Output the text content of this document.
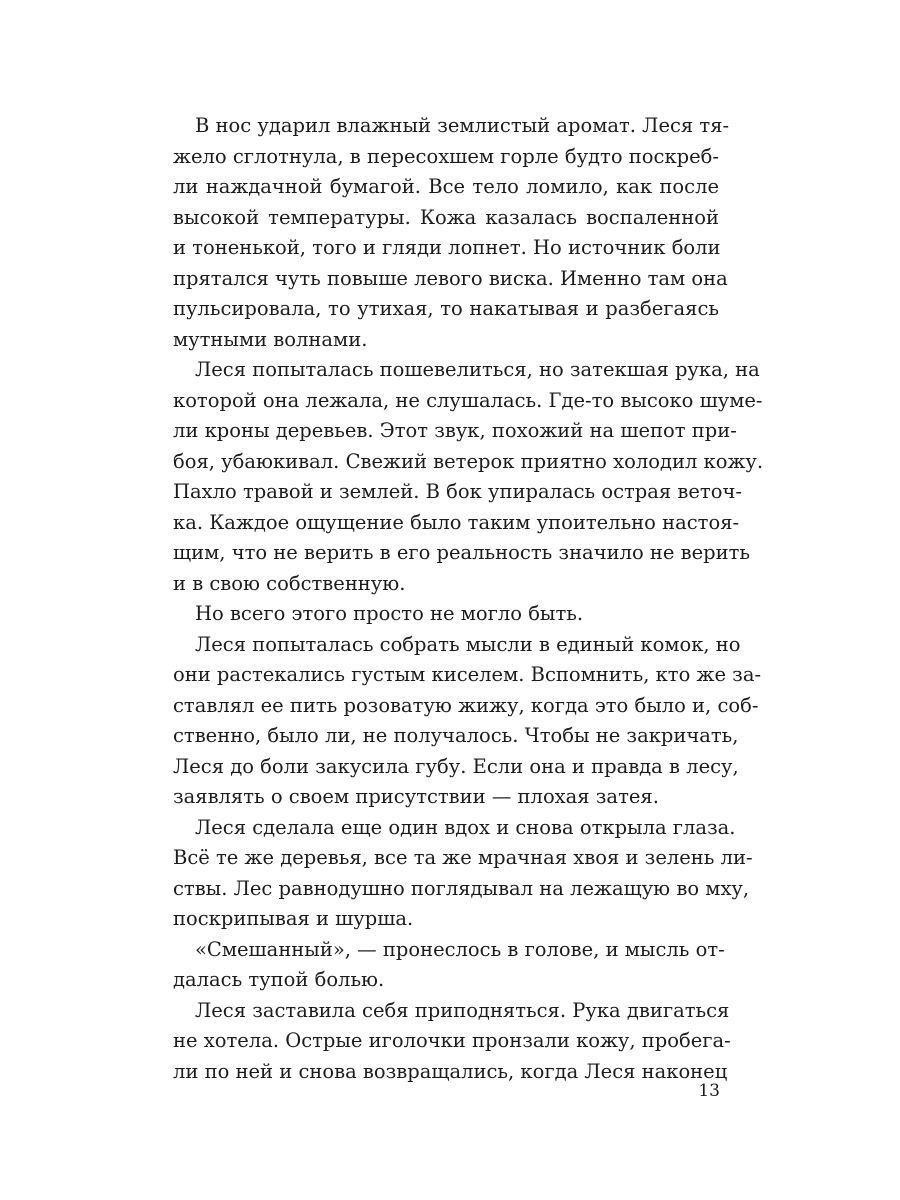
В нос ударил влажный землистый аромат. Леся тя-
жело сглотнула, в пересохшем горле будто поскреб-
ли наждачной бумагой. Все тело ломило, как после
высокой температуры. Кожа казалась воспаленной
и тоненькой, того и гляди лопнет. Но источник боли
прятался чуть повыше левого виска. Именно там она
пульсировала, то утихая, то накатывая и разбегаясь
мутными волнами.
Леся попыталась пошевелиться, но затекшая рука, на
которой она лежала, не слушалась. Где-то высоко шуме-
ли кроны деревьев. Этот звук, похожий на шепот при-
боя, убаюкивал. Свежий ветерок приятно холодил кожу.
Пахло травой и землей. В бок упиралась острая веточ-
ка. Каждое ощущение было таким упоительно настоя-
щим, что не верить в его реальность значило не верить
и в свою собственную.
Но всего этого просто не могло быть.
Леся попыталась собрать мысли в единый комок, но
они растекались густым киселем. Вспомнить, кто же за-
ставлял ее пить розоватую жижу, когда это было и, соб-
ственно, было ли, не получалось. Чтобы не закричать,
Леся до боли закусила губу. Если она и правда в лесу,
заявлять о своем присутствии — плохая затея.
Леся сделала еще один вдох и снова открыла глаза.
Всё те же деревья, все та же мрачная хвоя и зелень ли-
ствы. Лес равнодушно поглядывал на лежащую во мху,
поскрипывая и шурша.
«Смешанный», — пронеслось в голове, и мысль от-
далась тупой болью.
Леся заставила себя приподняться. Рука двигаться
не хотела. Острые иголочки пронзали кожу, пробега-
ли по ней и снова возвращались, когда Леся наконец
13
